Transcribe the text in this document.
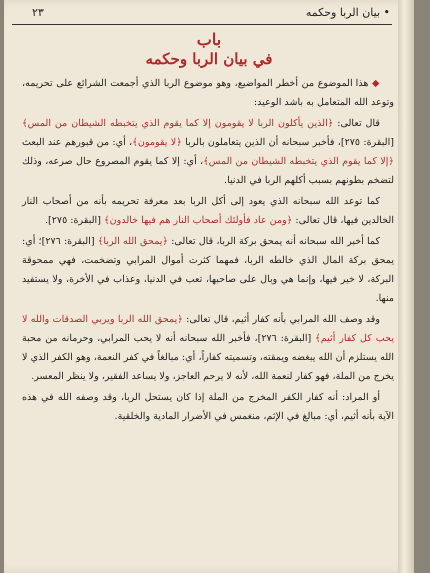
• بيان الربا وحكمه
٢٣
باب
في بيان الربا وحكمه

◆ هذا الموضوع من أخطر المواضيع، وهو موضوع الربا الذي أجمعت الشرائع على تحريمه، وتوعد الله المتعامل به باشد الوعيد:

قال تعالى: ﴿الذين يأكلون الربا لا يقومون إلا كما يقوم الذي يتخبطه الشيطان من المس﴾ [البقرة: ٢٧٥]، فأخبر سبحانه أن الذين يتعاملون بالربا ﴿لا يقومون﴾، أي: من قبورهم عند البعث ﴿إلا كما يقوم الذي يتخبطه الشيطان من المس﴾، أي: إلا كما يقوم المصروع حال صرعه، وذلك لتضخم بطونهم بسبب أكلهم الربا في الدنيا.

كما توعد الله سبحانه الذي يعود إلى أكل الربا بعد معرفة تحريمه بأنه من أصحاب النار الخالدين فيها، قال تعالى: ﴿ومن عاد فأولئك أصحاب النار هم فيها خالدون﴾ [البقرة: ٢٧٥].

كما أخبر الله سبحانه أنه يمحق بركة الربا، قال تعالى: ﴿يمحق الله الربا﴾ [البقرة: ٢٧٦]؛ أي: يمحق بركة المال الذي خالطه الربا، فمهما كثرت أموال المرابي وتضخمت، فهي ممحوقة البركة، لا خير فيها، وإنما هي وبال على صاحبها، تعب في الدنيا، وعذاب في الأخرة، ولا يستفيد منها.

وقد وصف الله المرابي بأنه كفار أثيم، قال تعالى: ﴿يمحق الله الربا ويربي الصدقات والله لا يحب كل كفار أثيم﴾ [البقرة: ٢٧٦]، فأخبر الله سبحانه أنه لا يحب المرابي، وحرمانه من محبة الله يستلزم أن الله يبغضه ويمقته، وتسميته كفاراً، أي: مبالغاً في كفر النعمة، وهو الكفر الذي لا يخرج من الملة، فهو كفار لنعمة الله، لأنه لا يرحم العاجز، ولا يساعد الفقير، ولا ينظر المعسر.

أو المراد: أنه كفار الكفر المخرج من الملة إذا كان يستحل الربا، وقد وصفه الله في هذه الآية بأنه أثيم، أي: مبالغ في الإثم، منغمس في الأضرار المادية والخلقية.
